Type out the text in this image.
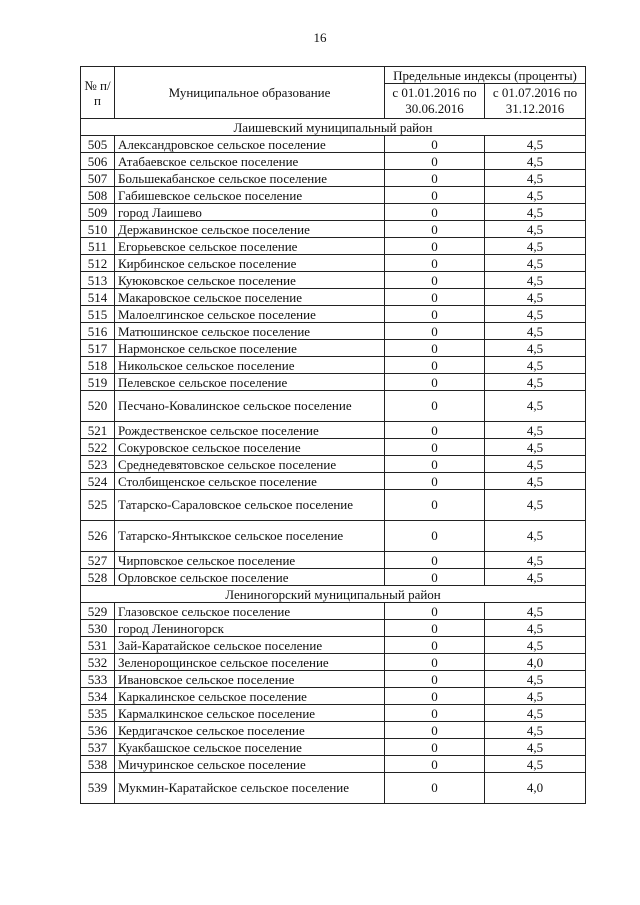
16
№ п/п	Муниципальное образование	Предельные индексы (проценты)	
		с 01.01.2016 по 30.06.2016	с 01.07.2016 по 31.12.2016
Лаишевский муниципальный район			
505	Александровское сельское поселение	0	4,5
506	Атабаевское сельское поселение	0	4,5
507	Большекабанское сельское поселение	0	4,5
508	Габишевское сельское поселение	0	4,5
509	город Лаишево	0	4,5
510	Державинское сельское поселение	0	4,5
511	Егорьевское сельское поселение	0	4,5
512	Кирбинское сельское поселение	0	4,5
513	Куюковское сельское поселение	0	4,5
514	Макаровское сельское поселение	0	4,5
515	Малоелгинское сельское поселение	0	4,5
516	Матюшинское сельское поселение	0	4,5
517	Нармонское сельское поселение	0	4,5
518	Никольское сельское поселение	0	4,5
519	Пелевское сельское поселение	0	4,5
520	Песчано-Ковалинское сельское поселение	0	4,5
521	Рождественское сельское поселение	0	4,5
522	Сокуровское сельское поселение	0	4,5
523	Среднедевятовское сельское поселение	0	4,5
524	Столбищенское сельское поселение	0	4,5
525	Татарско-Сараловское сельское поселение	0	4,5
526	Татарско-Янтыкское сельское поселение	0	4,5
527	Чирповское сельское поселение	0	4,5
528	Орловское сельское поселение	0	4,5
Лениногорский муниципальный район			
529	Глазовское сельское поселение	0	4,5
530	город Лениногорск	0	4,5
531	Зай-Каратайское сельское поселение	0	4,5
532	Зеленорощинское сельское поселение	0	4,0
533	Ивановское сельское поселение	0	4,5
534	Каркалинское сельское поселение	0	4,5
535	Кармалкинское сельское поселение	0	4,5
536	Кердигачское сельское поселение	0	4,5
537	Куакбашское сельское поселение	0	4,5
538	Мичуринское сельское поселение	0	4,5
539	Мукмин-Каратайское сельское поселение	0	4,0
